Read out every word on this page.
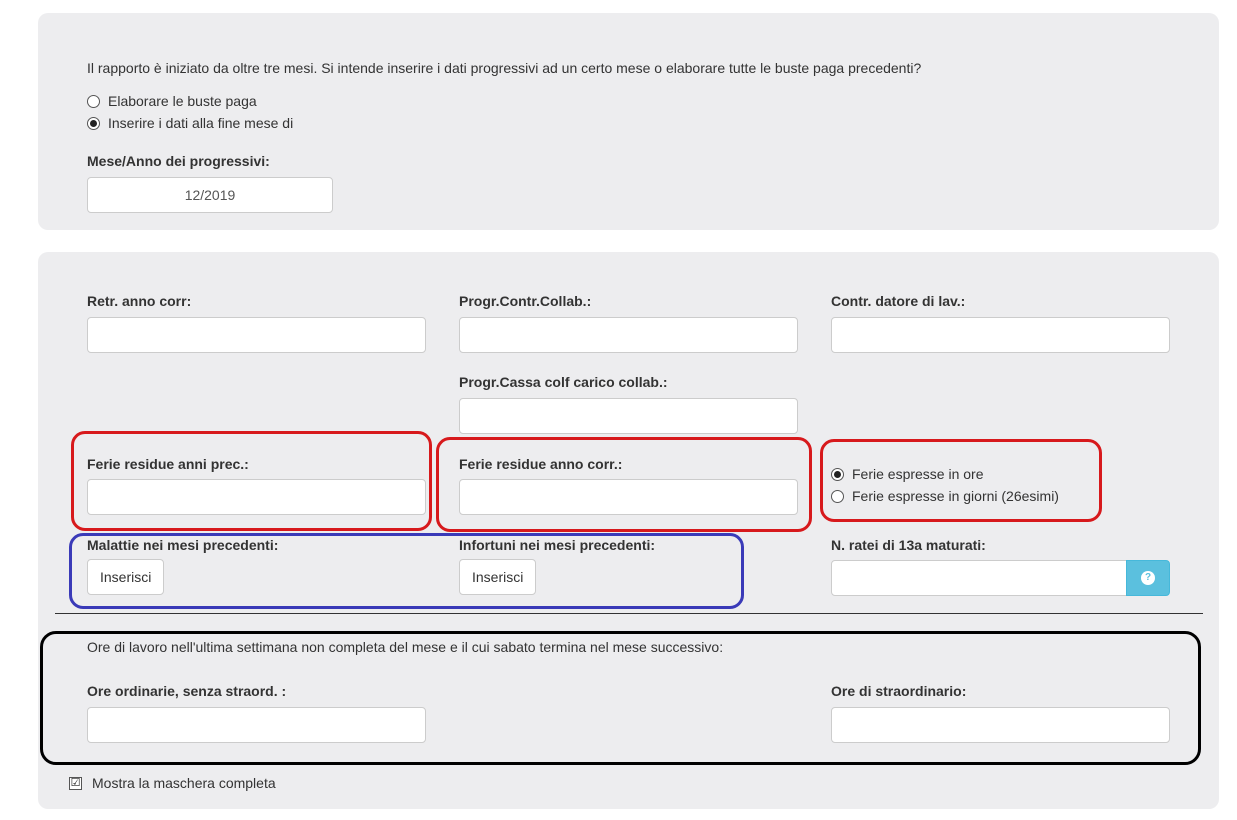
Il rapporto è iniziato da oltre tre mesi. Si intende inserire i dati progressivi ad un certo mese o elaborare tutte le buste paga precedenti?
Elaborare le buste paga
Inserire i dati alla fine mese di
Mese/Anno dei progressivi:
12/2019
Retr. anno corr:	Progr.Contr.Collab.:	Contr. datore di lav.:
Progr.Cassa colf carico collab.:
Ferie residue anni prec.:	Ferie residue anno corr.:
Ferie espresse in ore
Ferie espresse in giorni (26esimi)
Malattie nei mesi precedenti:
Inserisci
Infortuni nei mesi precedenti:
Inserisci
N. ratei di 13a maturati:
?
Ore di lavoro nell'ultima settimana non completa del mese e il cui sabato termina nel mese successivo:
Ore ordinarie, senza straord. :	Ore di straordinario:
☑ Mostra la maschera completa
